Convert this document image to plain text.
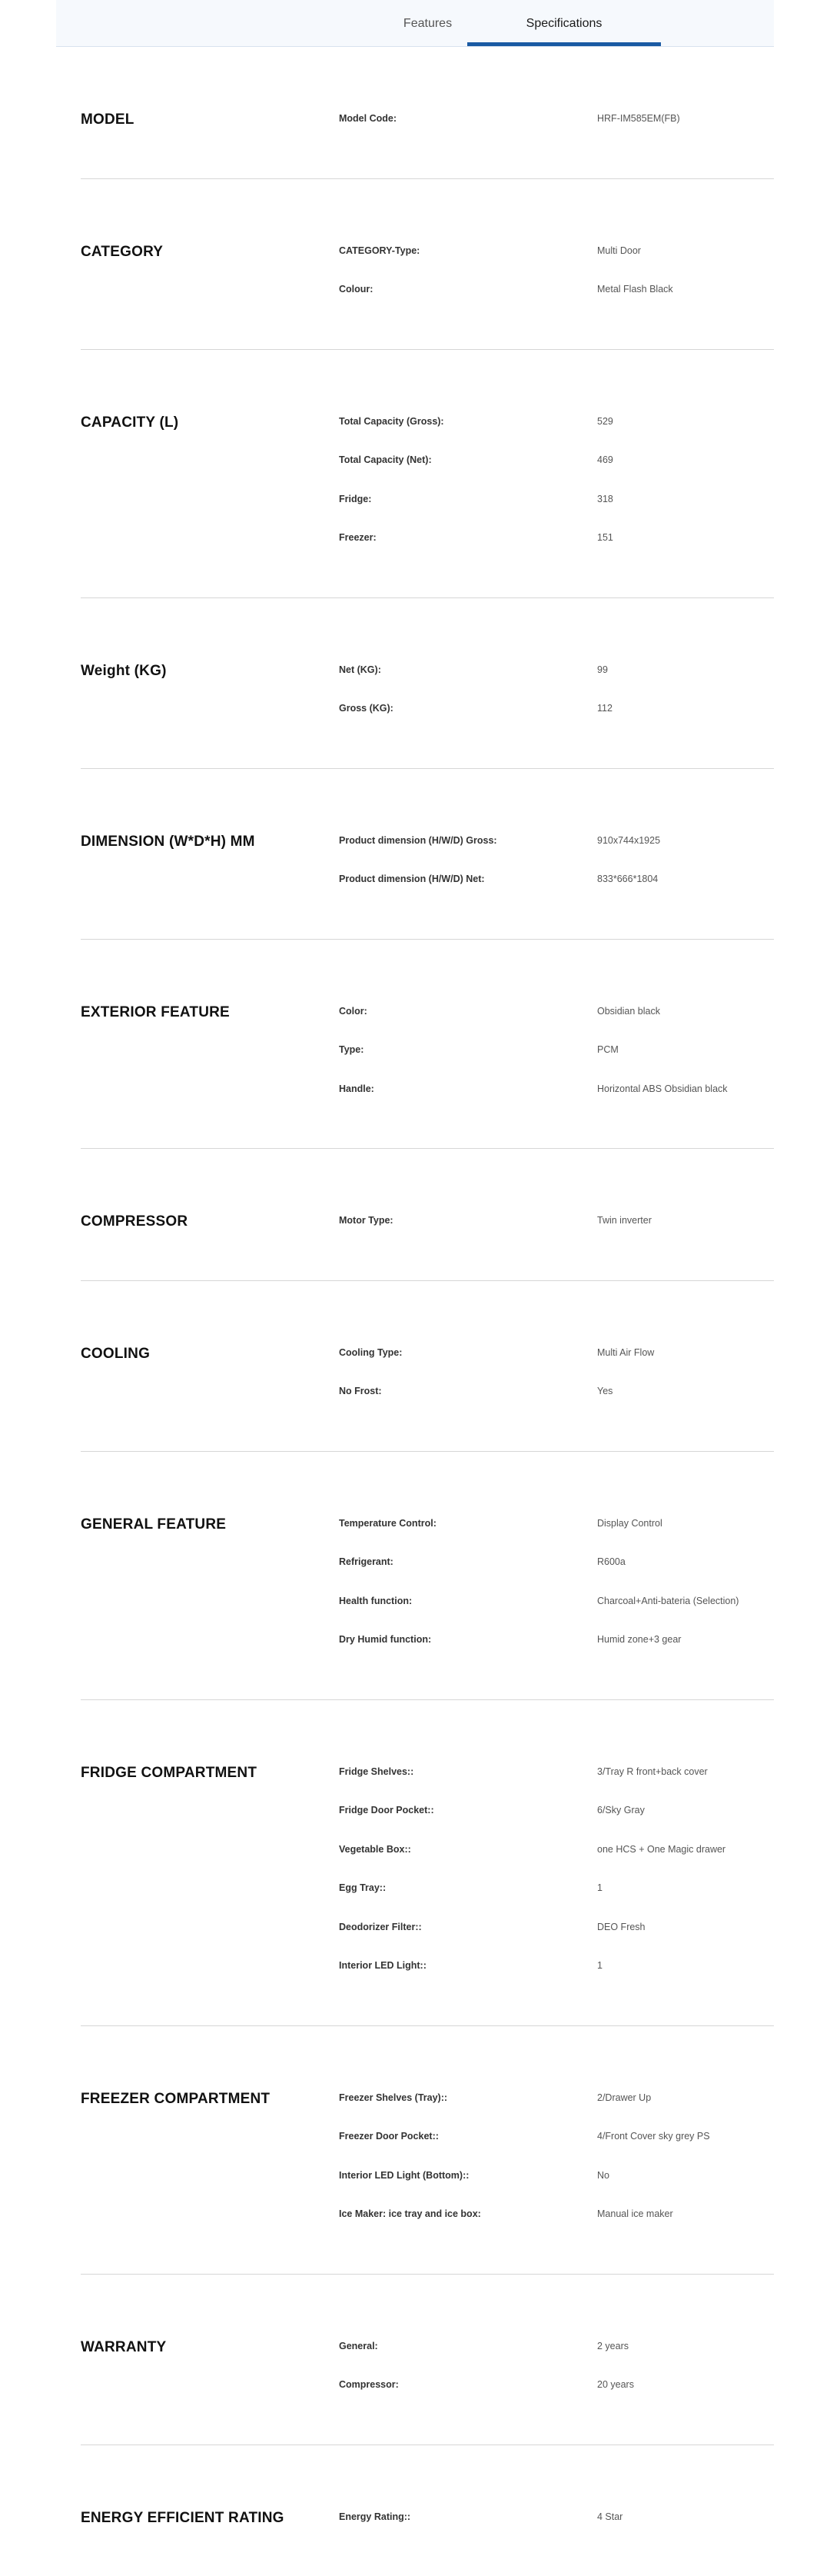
Features	Specifications
MODEL	Model Code:	HRF-IM585EM(FB)
CATEGORY	CATEGORY-Type:	Multi Door
Colour:	Metal Flash Black
CAPACITY (L)	Total Capacity (Gross):	529
Total Capacity (Net):	469
Fridge:	318
Freezer:	151
Weight (KG)	Net (KG):	99
Gross (KG):	112
DIMENSION (W*D*H) MM	Product dimension (H/W/D) Gross:	910x744x1925
Product dimension (H/W/D) Net:	833*666*1804
EXTERIOR FEATURE	Color:	Obsidian black
Type:	PCM
Handle:	Horizontal ABS Obsidian black
COMPRESSOR	Motor Type:	Twin inverter
COOLING	Cooling Type:	Multi Air Flow
No Frost:	Yes
GENERAL FEATURE	Temperature Control:	Display Control
Refrigerant:	R600a
Health function:	Charcoal+Anti-bateria (Selection)
Dry Humid function:	Humid zone+3 gear
FRIDGE COMPARTMENT	Fridge Shelves::	3/Tray R front+back cover
Fridge Door Pocket::	6/Sky Gray
Vegetable Box::	one HCS + One Magic drawer
Egg Tray::	1
Deodorizer Filter::	DEO Fresh
Interior LED Light::	1
FREEZER COMPARTMENT	Freezer Shelves (Tray)::	2/Drawer Up
Freezer Door Pocket::	4/Front Cover sky grey PS
Interior LED Light (Bottom)::	No
Ice Maker: ice tray and ice box:	Manual ice maker
WARRANTY	General:	2 years
Compressor:	20 years
ENERGY EFFICIENT RATING	Energy Rating::	4 Star
